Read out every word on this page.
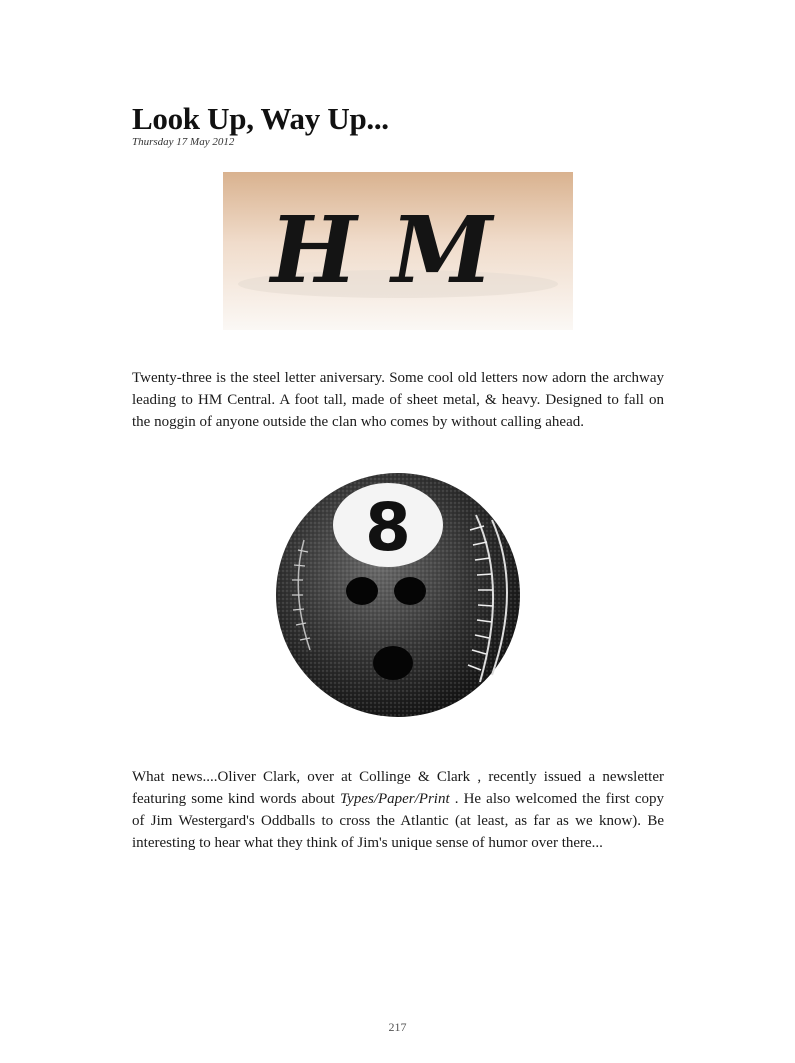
Look Up, Way Up...
Thursday 17 May 2012
HM

Twenty-three is the steel letter aniversary. Some cool old letters now adorn the archway leading to HM Central. A foot tall, made of sheet metal, & heavy. Designed to fall on the noggin of anyone outside the clan who comes by without calling ahead.

8

What news....Oliver Clark, over at Collinge & Clark , recently issued a newsletter featuring some kind words about Types/Paper/Print . He also welcomed the first copy of Jim Westergard's Oddballs to cross the Atlantic (at least, as far as we know). Be interesting to hear what they think of Jim's unique sense of humor over there...

217
